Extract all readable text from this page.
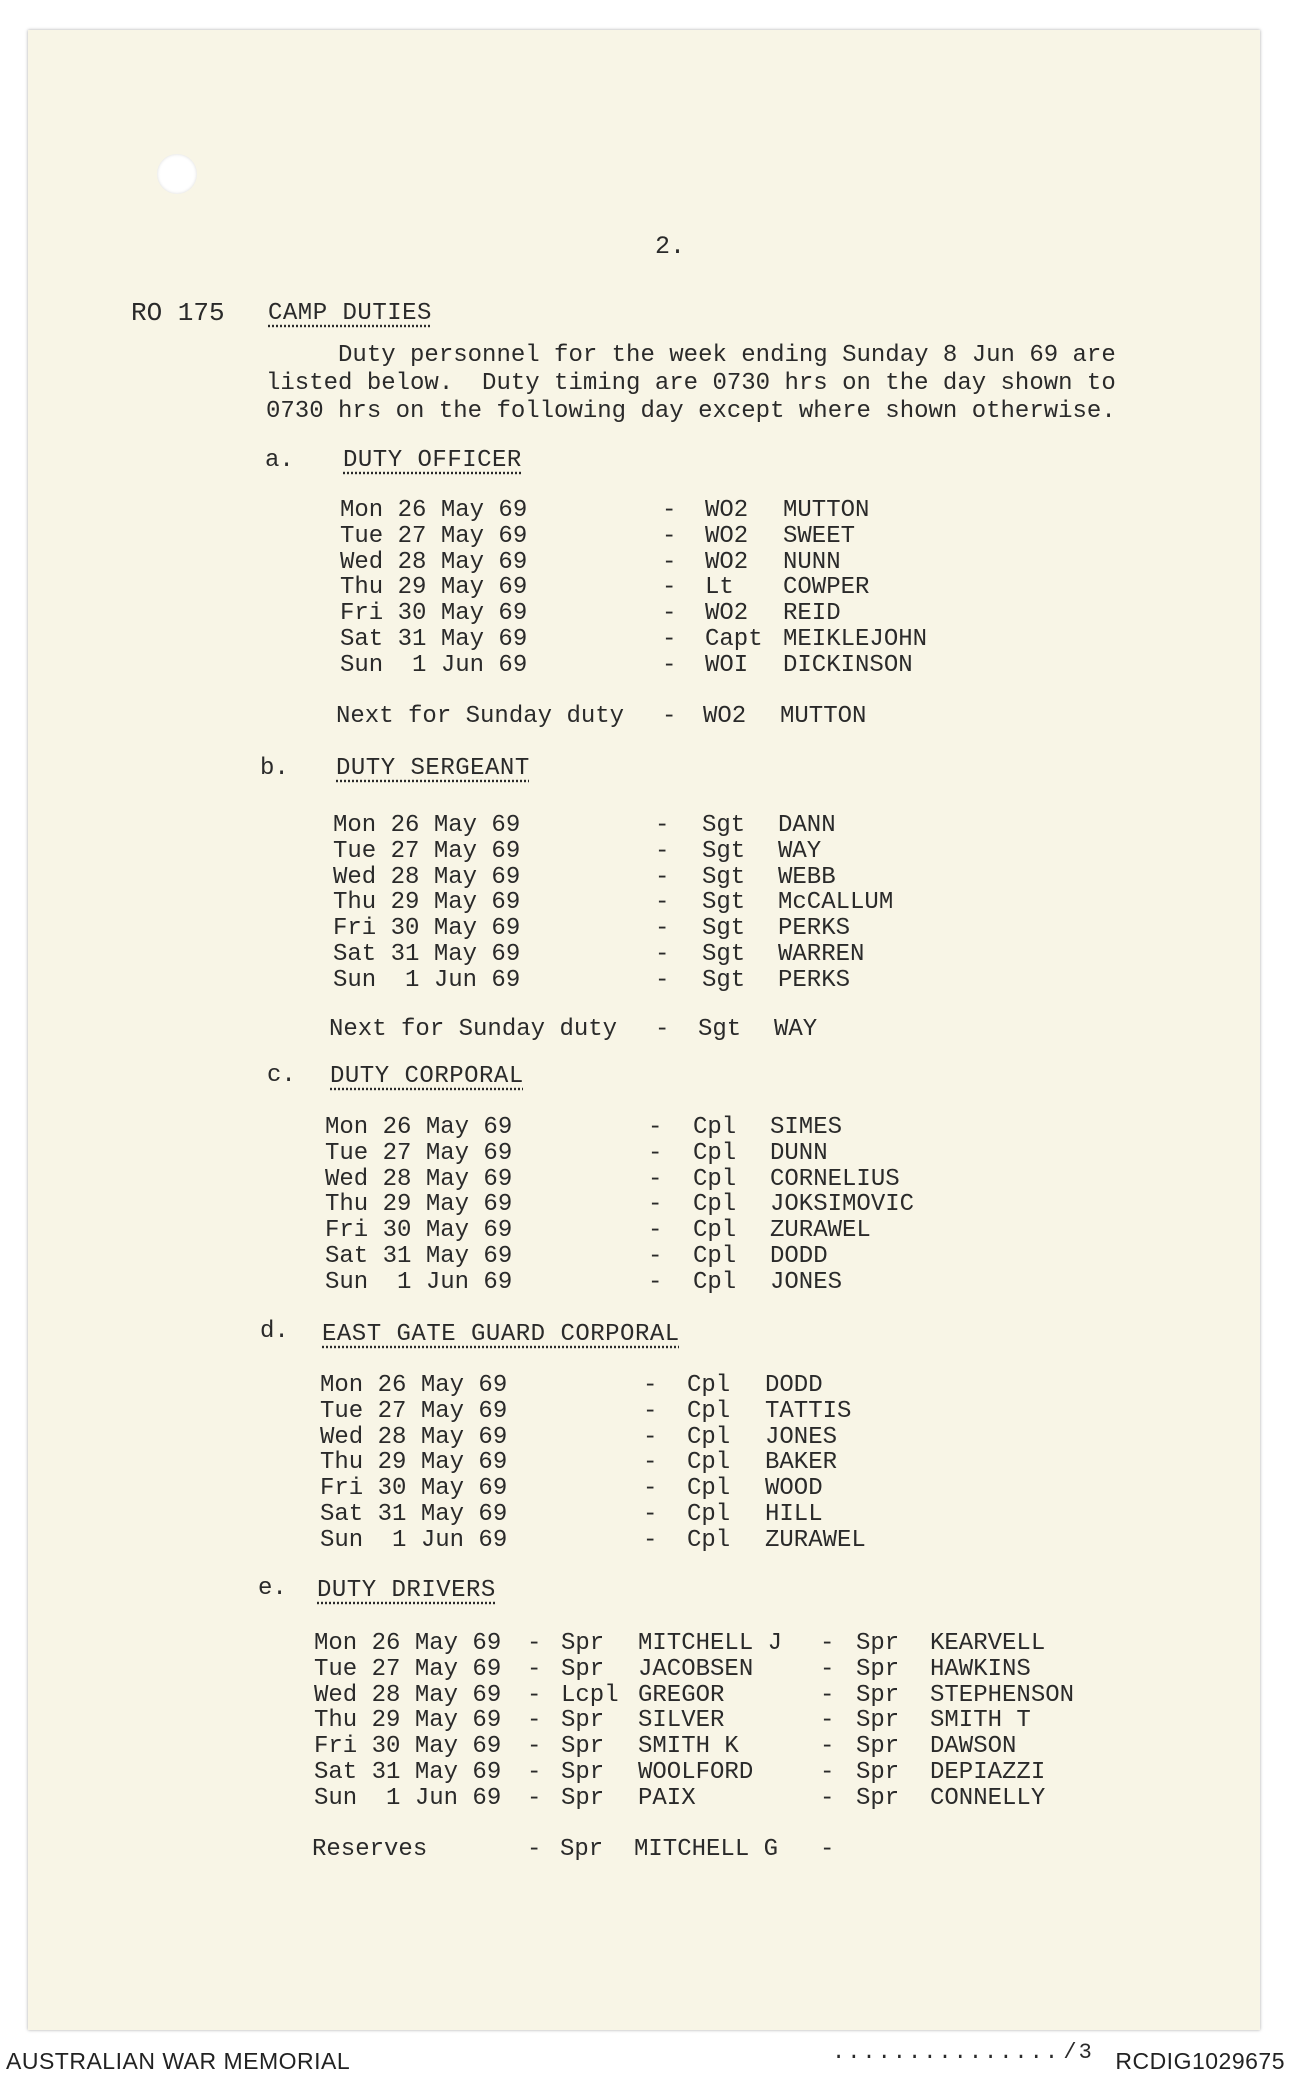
2.
RO 175 CAMP DUTIES
Duty personnel for the week ending Sunday 8 Jun 69 are
listed below.  Duty timing are 0730 hrs on the day shown to
0730 hrs on the following day except where shown otherwise.
a. DUTY OFFICER
Mon 26 May 69	- WO2 MUTTON
Tue 27 May 69	- WO2 SWEET
Wed 28 May 69	- WO2 NUNN
Thu 29 May 69	- Lt COWPER
Fri 30 May 69	- WO2 REID
Sat 31 May 69	- Capt MEIKLEJOHN
Sun  1 Jun 69	- WOI DICKINSON
Next for Sunday duty - WO2 MUTTON
b. DUTY SERGEANT
Mon 26 May 69	- Sgt DANN
Tue 27 May 69	- Sgt WAY
Wed 28 May 69	- Sgt WEBB
Thu 29 May 69	- Sgt McCALLUM
Fri 30 May 69	- Sgt PERKS
Sat 31 May 69	- Sgt WARREN
Sun  1 Jun 69	- Sgt PERKS
Next for Sunday duty - Sgt WAY
c. DUTY CORPORAL
Mon 26 May 69	- Cpl SIMES
Tue 27 May 69	- Cpl DUNN
Wed 28 May 69	- Cpl CORNELIUS
Thu 29 May 69	- Cpl JOKSIMOVIC
Fri 30 May 69	- Cpl ZURAWEL
Sat 31 May 69	- Cpl DODD
Sun  1 Jun 69	- Cpl JONES
d. EAST GATE GUARD CORPORAL
Mon 26 May 69	- Cpl DODD
Tue 27 May 69	- Cpl TATTIS
Wed 28 May 69	- Cpl JONES
Thu 29 May 69	- Cpl BAKER
Fri 30 May 69	- Cpl WOOD
Sat 31 May 69	- Cpl HILL
Sun  1 Jun 69	- Cpl ZURAWEL
e. DUTY DRIVERS
Mon 26 May 69 - Spr MITCHELL J - Spr KEARVELL
Tue 27 May 69 - Spr JACOBSEN	- Spr HAWKINS
Wed 28 May 69 - Lcpl GREGOR	- Spr STEPHENSON
Thu 29 May 69 - Spr SILVER	- Spr SMITH T
Fri 30 May 69 - Spr SMITH K	- Spr DAWSON
Sat 31 May 69 - Spr WOOLFORD	- Spr DEPIAZZI
Sun  1 Jun 69 - Spr PAIX	- Spr CONNELLY
Reserves	- Spr MITCHELL G -
............... /3
AUSTRALIAN WAR MEMORIAL	RCDIG1029675
